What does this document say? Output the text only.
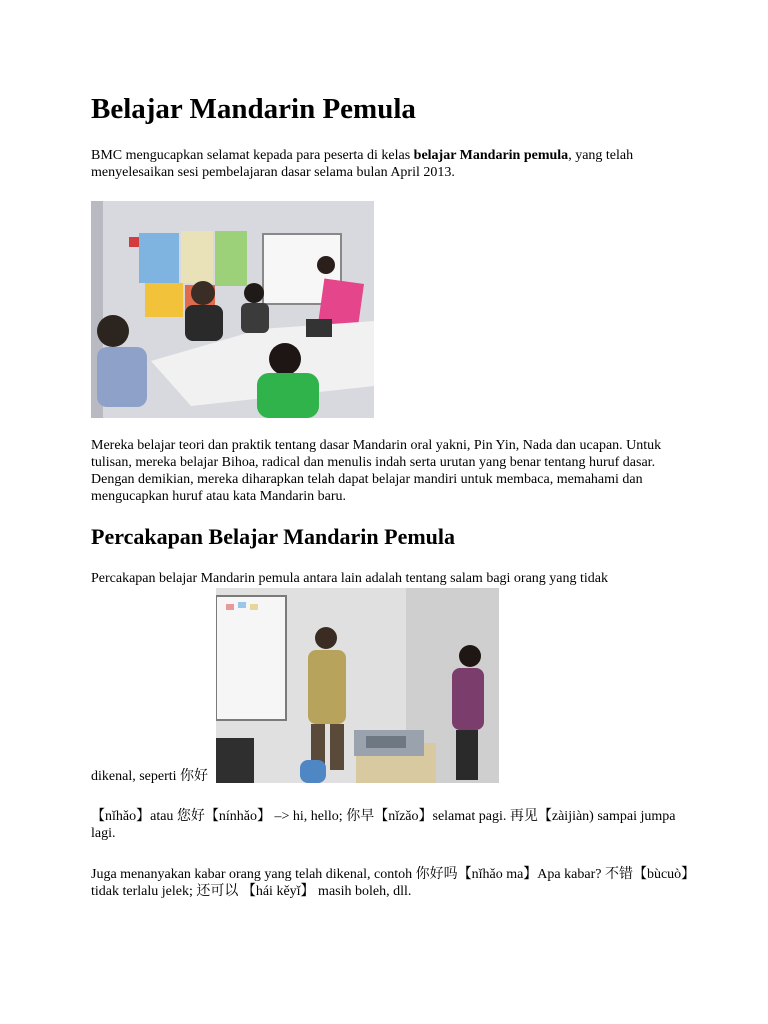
Belajar Mandarin Pemula

BMC mengucapkan selamat kepada para peserta di kelas belajar Mandarin pemula, yang telah menyelesaikan sesi pembelajaran dasar selama bulan April 2013.

Mereka belajar teori dan praktik tentang dasar Mandarin oral yakni, Pin Yin, Nada dan ucapan. Untuk tulisan, mereka belajar Bihoa, radical dan menulis indah serta urutan yang benar tentang huruf dasar. Dengan demikian, mereka diharapkan telah dapat belajar mandiri untuk membaca, memahami dan mengucapkan huruf atau kata Mandarin baru.

Percakapan Belajar Mandarin Pemula

Percakapan belajar Mandarin pemula antara lain adalah tentang salam bagi orang yang tidak

dikenal, seperti 你好

【nǐhǎo】atau 您好【nínhǎo】 –> hi, hello; 你早【nǐzǎo】selamat pagi. 再见【zàijiàn) sampai jumpa lagi.

Juga menanyakan kabar orang yang telah dikenal, contoh 你好吗【nǐhǎo ma】Apa kabar? 不错【bùcuò】tidak terlalu jelek; 还可以 【hái kěyǐ】 masih boleh, dll.
